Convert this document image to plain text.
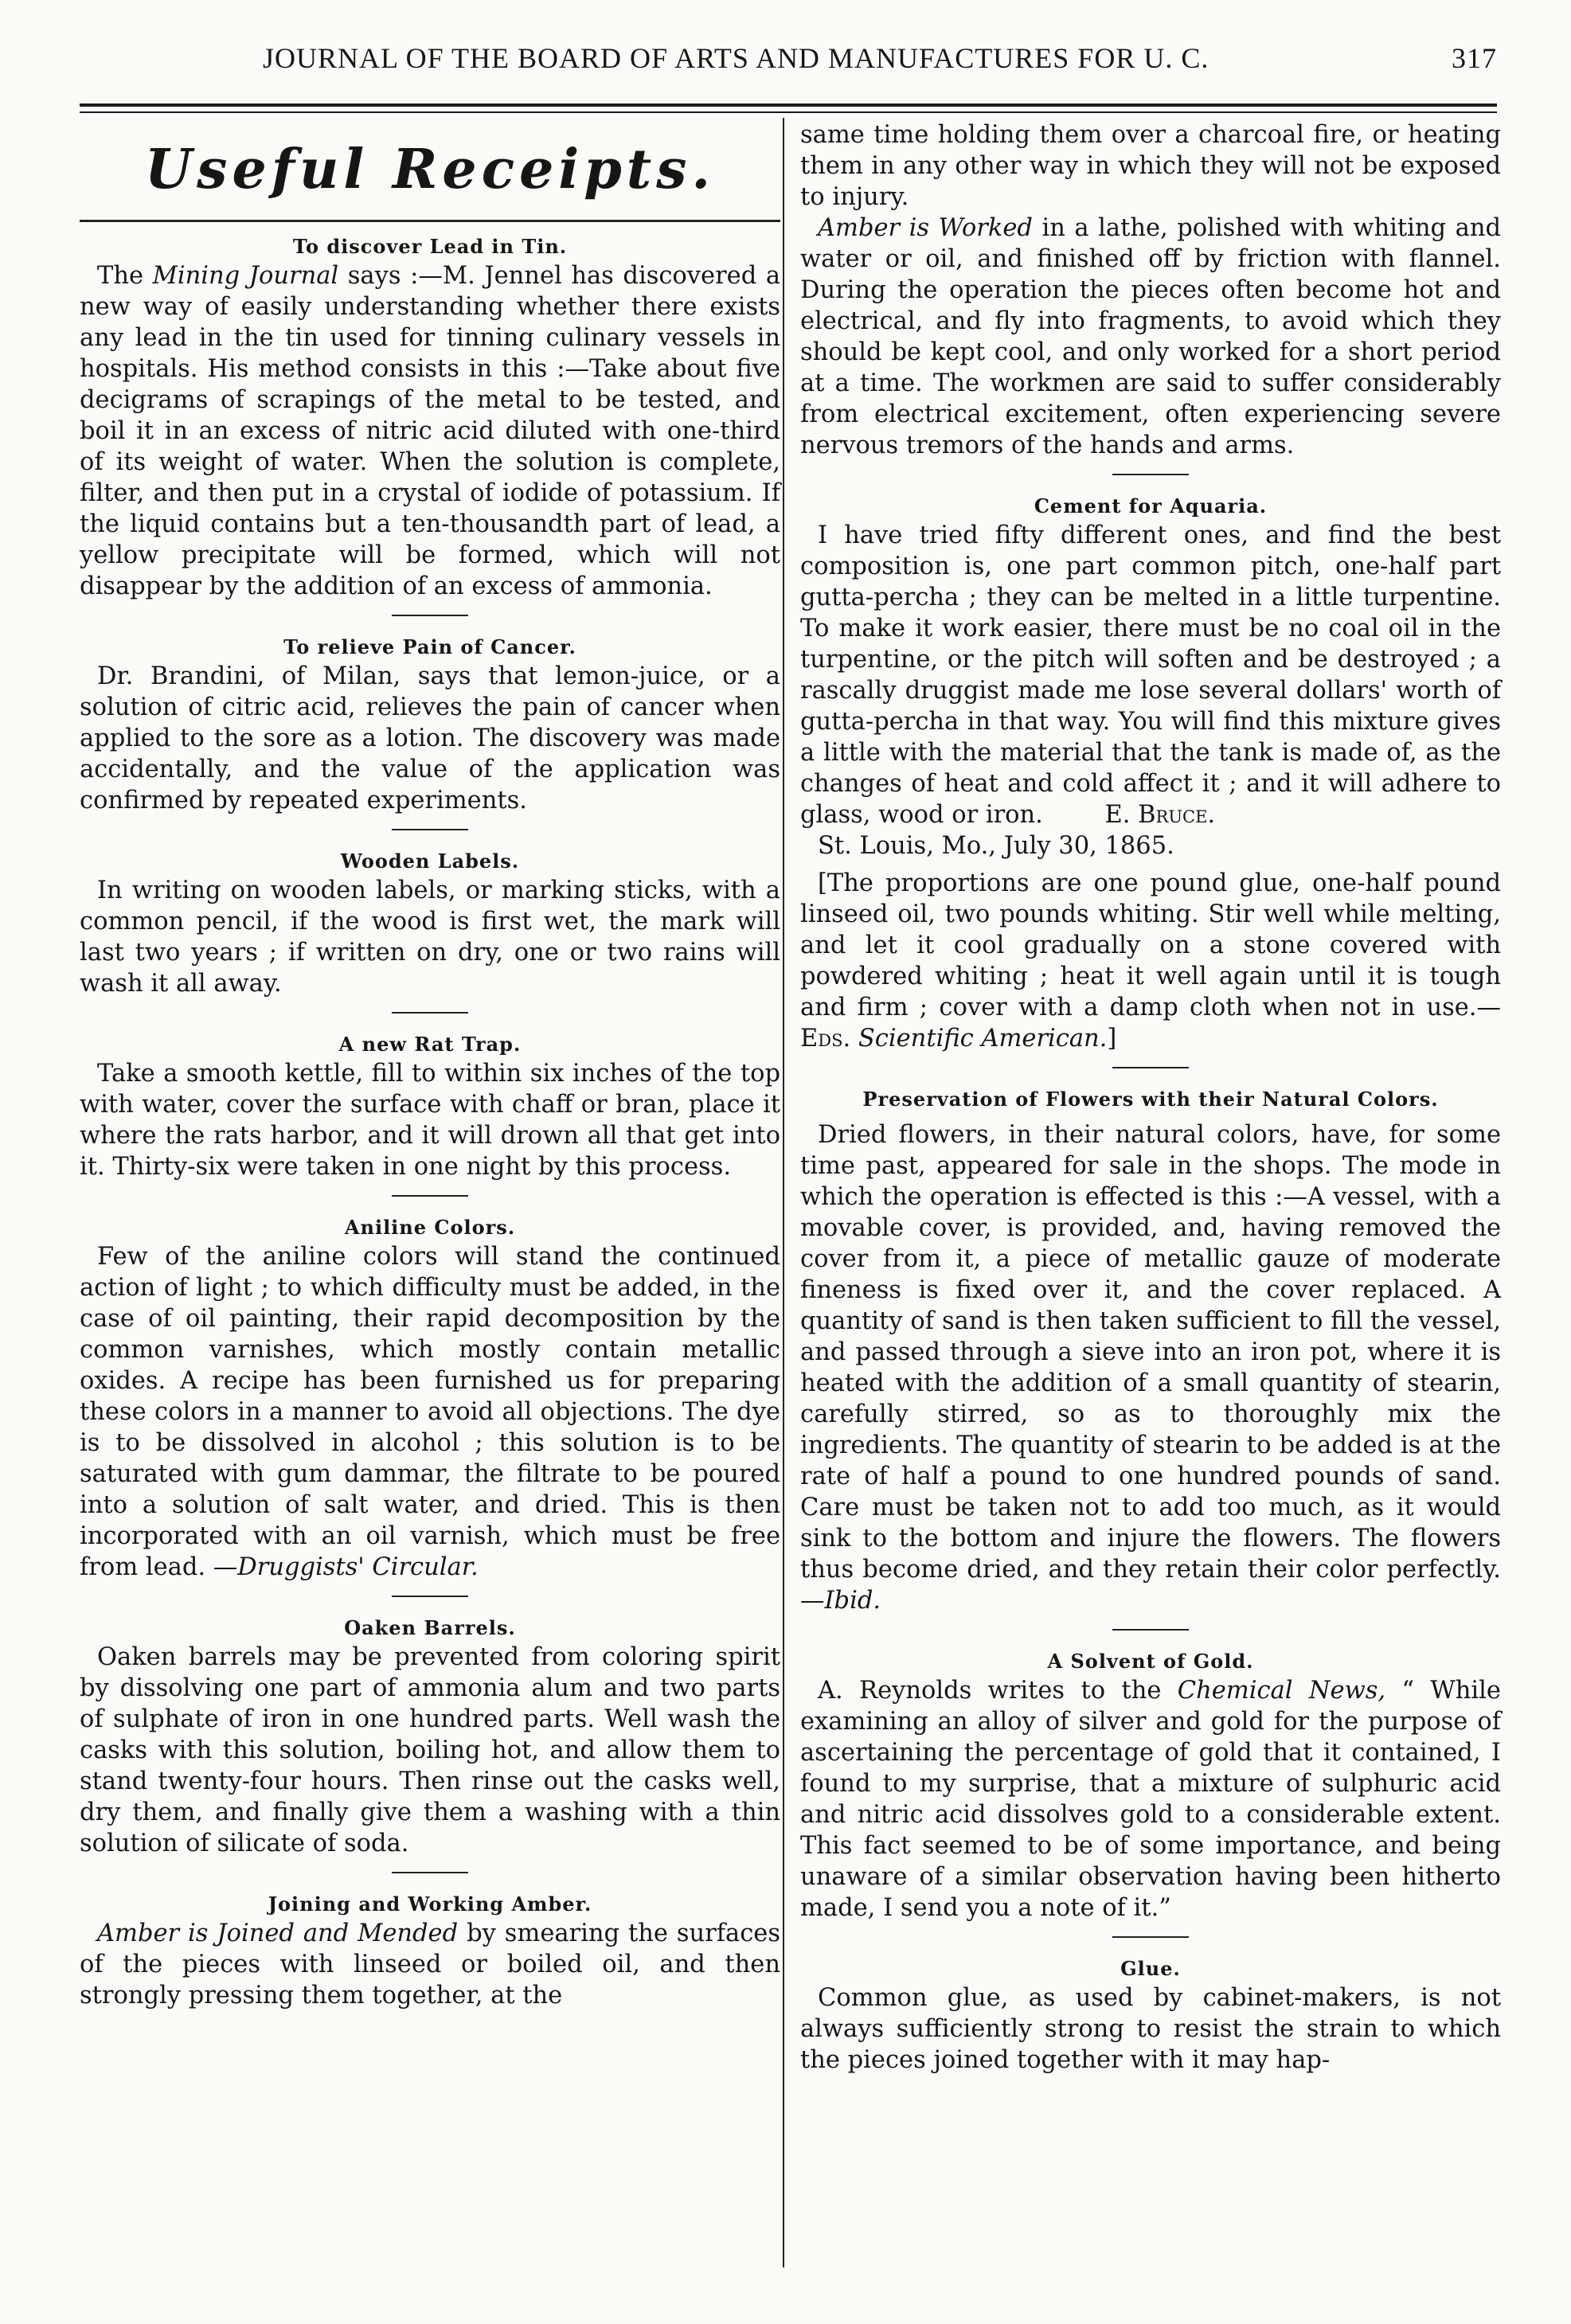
JOURNAL OF THE BOARD OF ARTS AND MANUFACTURES FOR U. C.	317
Useful Receipts.
To discover Lead in Tin.

The Mining Journal says :—M. Jennel has discovered a new way of easily understanding whether there exists any lead in the tin used for tinning culinary vessels in hospitals. His method consists in this :—Take about five decigrams of scrapings of the metal to be tested, and boil it in an excess of nitric acid diluted with one-third of its weight of water. When the solution is complete, filter, and then put in a crystal of iodide of potassium. If the liquid contains but a ten-thousandth part of lead, a yellow precipitate will be formed, which will not disappear by the addition of an excess of ammonia.

To relieve Pain of Cancer.

Dr. Brandini, of Milan, says that lemon-juice, or a solution of citric acid, relieves the pain of cancer when applied to the sore as a lotion. The discovery was made accidentally, and the value of the application was confirmed by repeated experiments.

Wooden Labels.

In writing on wooden labels, or marking sticks, with a common pencil, if the wood is first wet, the mark will last two years ; if written on dry, one or two rains will wash it all away.

A new Rat Trap.

Take a smooth kettle, fill to within six inches of the top with water, cover the surface with chaff or bran, place it where the rats harbor, and it will drown all that get into it. Thirty-six were taken in one night by this process.

Aniline Colors.

Few of the aniline colors will stand the continued action of light ; to which difficulty must be added, in the case of oil painting, their rapid decomposition by the common varnishes, which mostly contain metallic oxides. A recipe has been furnished us for preparing these colors in a manner to avoid all objections. The dye is to be dissolved in alcohol ; this solution is to be saturated with gum dammar, the filtrate to be poured into a solution of salt water, and dried. This is then incorporated with an oil varnish, which must be free from lead. —Druggists' Circular.

Oaken Barrels.

Oaken barrels may be prevented from coloring spirit by dissolving one part of ammonia alum and two parts of sulphate of iron in one hundred parts. Well wash the casks with this solution, boiling hot, and allow them to stand twenty-four hours. Then rinse out the casks well, dry them, and finally give them a washing with a thin solution of silicate of soda.

Joining and Working Amber.

Amber is Joined and Mended by smearing the surfaces of the pieces with linseed or boiled oil, and then strongly pressing them together, at the

same time holding them over a charcoal fire, or heating them in any other way in which they will not be exposed to injury.

Amber is Worked in a lathe, polished with whiting and water or oil, and finished off by friction with flannel. During the operation the pieces often become hot and electrical, and fly into fragments, to avoid which they should be kept cool, and only worked for a short period at a time. The workmen are said to suffer considerably from electrical excitement, often experiencing severe nervous tremors of the hands and arms.

Cement for Aquaria.

I have tried fifty different ones, and find the best composition is, one part common pitch, one-half part gutta-percha ; they can be melted in a little turpentine. To make it work easier, there must be no coal oil in the turpentine, or the pitch will soften and be destroyed ; a rascally druggist made me lose several dollars' worth of gutta-percha in that way. You will find this mixture gives a little with the material that the tank is made of, as the changes of heat and cold affect it ; and it will adhere to glass, wood or iron.	E. Bruce.

St. Louis, Mo., July 30, 1865.

[The proportions are one pound glue, one-half pound linseed oil, two pounds whiting. Stir well while melting, and let it cool gradually on a stone covered with powdered whiting ; heat it well again until it is tough and firm ; cover with a damp cloth when not in use.—Eds. Scientific American.]

Preservation of Flowers with their Natural Colors.

Dried flowers, in their natural colors, have, for some time past, appeared for sale in the shops. The mode in which the operation is effected is this :—A vessel, with a movable cover, is provided, and, having removed the cover from it, a piece of metallic gauze of moderate fineness is fixed over it, and the cover replaced. A quantity of sand is then taken sufficient to fill the vessel, and passed through a sieve into an iron pot, where it is heated with the addition of a small quantity of stearin, carefully stirred, so as to thoroughly mix the ingredients. The quantity of stearin to be added is at the rate of half a pound to one hundred pounds of sand. Care must be taken not to add too much, as it would sink to the bottom and injure the flowers. The flowers thus become dried, and they retain their color perfectly.—Ibid.

A Solvent of Gold.

A. Reynolds writes to the Chemical News, “ While examining an alloy of silver and gold for the purpose of ascertaining the percentage of gold that it contained, I found to my surprise, that a mixture of sulphuric acid and nitric acid dissolves gold to a considerable extent. This fact seemed to be of some importance, and being unaware of a similar observation having been hitherto made, I send you a note of it.”

Glue.

Common glue, as used by cabinet-makers, is not always sufficiently strong to resist the strain to which the pieces joined together with it may hap-
